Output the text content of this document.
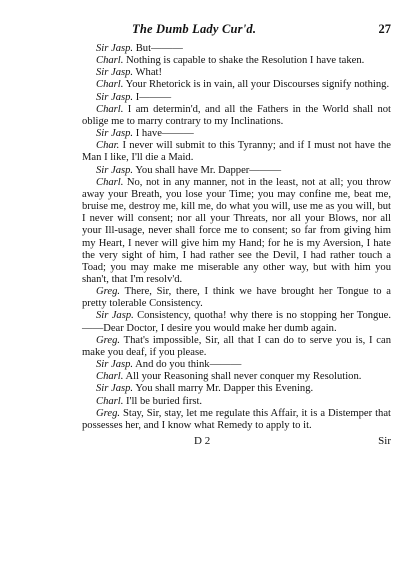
The Dumb Lady Cur'd.	27

Sir Jasp. But———

Charl. Nothing is capable to shake the Resolution I have taken.

Sir Jasp. What!

Charl. Your Rhetorick is in vain, all your Discourses signify nothing.

Sir Jasp. I———

Charl. I am determin'd, and all the Fathers in the World shall not oblige me to marry contrary to my Inclinations.

Sir Jasp. I have———

Char. I never will submit to this Tyranny; and if I must not have the Man I like, I'll die a Maid.

Sir Jasp. You shall have Mr. Dapper———

Charl. No, not in any manner, not in the least, not at all; you throw away your Breath, you lose your Time; you may confine me, beat me, bruise me, destroy me, kill me, do what you will, use me as you will, but I never will consent; nor all your Threats, nor all your Blows, nor all your Ill-usage, never shall force me to consent; so far from giving him my Heart, I never will give him my Hand; for he is my Aversion, I hate the very sight of him, I had rather see the Devil, I had rather touch a Toad; you may make me miserable any other way, but with him you shan't, that I'm resolv'd.

Greg. There, Sir, there, I think we have brought her Tongue to a pretty tolerable Consistency.

Sir Jasp. Consistency, quotha! why there is no stopping her Tongue.——Dear Doctor, I desire you would make her dumb again.

Greg. That's impossible, Sir, all that I can do to serve you is, I can make you deaf, if you please.

Sir Jasp. And do you think———

Charl. All your Reasoning shall never conquer my Resolution.

Sir Jasp. You shall marry Mr. Dapper this Evening.

Charl. I'll be buried first.

Greg. Stay, Sir, stay, let me regulate this Affair, it is a Distemper that possesses her, and I know what Remedy to apply to it.

D 2	Sir
